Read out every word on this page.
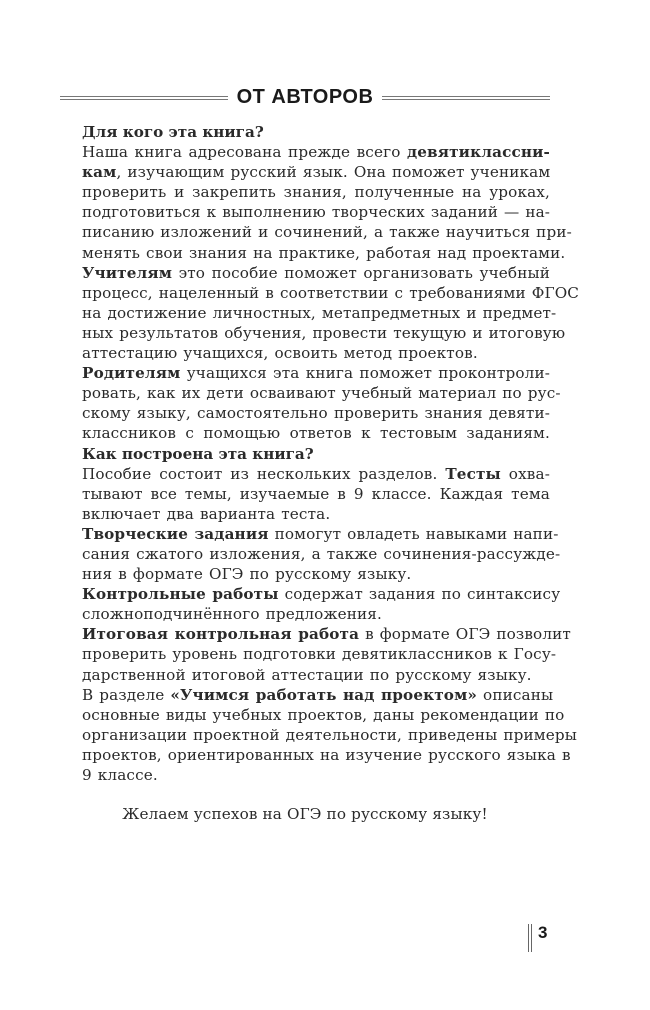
ОТ АВТОРОВ
Для кого эта книга?
Наша книга адресована прежде всего девятиклассни-
кам, изучающим русский язык. Она поможет ученикам
проверить и закрепить знания, полученные на уроках,
подготовиться к выполнению творческих заданий — на-
писанию изложений и сочинений, а также научиться при-
менять свои знания на практике, работая над проектами.
Учителям это пособие поможет организовать учебный
процесс, нацеленный в соответствии с требованиями ФГОС
на достижение личностных, метапредметных и предмет-
ных результатов обучения, провести текущую и итоговую
аттестацию учащихся, освоить метод проектов.
Родителям учащихся эта книга поможет проконтроли-
ровать, как их дети осваивают учебный материал по рус-
скому языку, самостоятельно проверить знания девяти-
классников с помощью ответов к тестовым заданиям.
Как построена эта книга?
Пособие состоит из нескольких разделов. Тесты охва-
тывают все темы, изучаемые в 9 классе. Каждая тема
включает два варианта теста.
Творческие задания помогут овладеть навыками напи-
сания сжатого изложения, а также сочинения-рассужде-
ния в формате ОГЭ по русскому языку.
Контрольные работы содержат задания по синтаксису
сложноподчинённого предложения.
Итоговая контрольная работа в формате ОГЭ позволит
проверить уровень подготовки девятиклассников к Госу-
дарственной итоговой аттестации по русскому языку.
В разделе «Учимся работать над проектом» описаны
основные виды учебных проектов, даны рекомендации по
организации проектной деятельности, приведены примеры
проектов, ориентированных на изучение русского языка в
9 классе.
Желаем успехов на ОГЭ по русскому языку!
3
